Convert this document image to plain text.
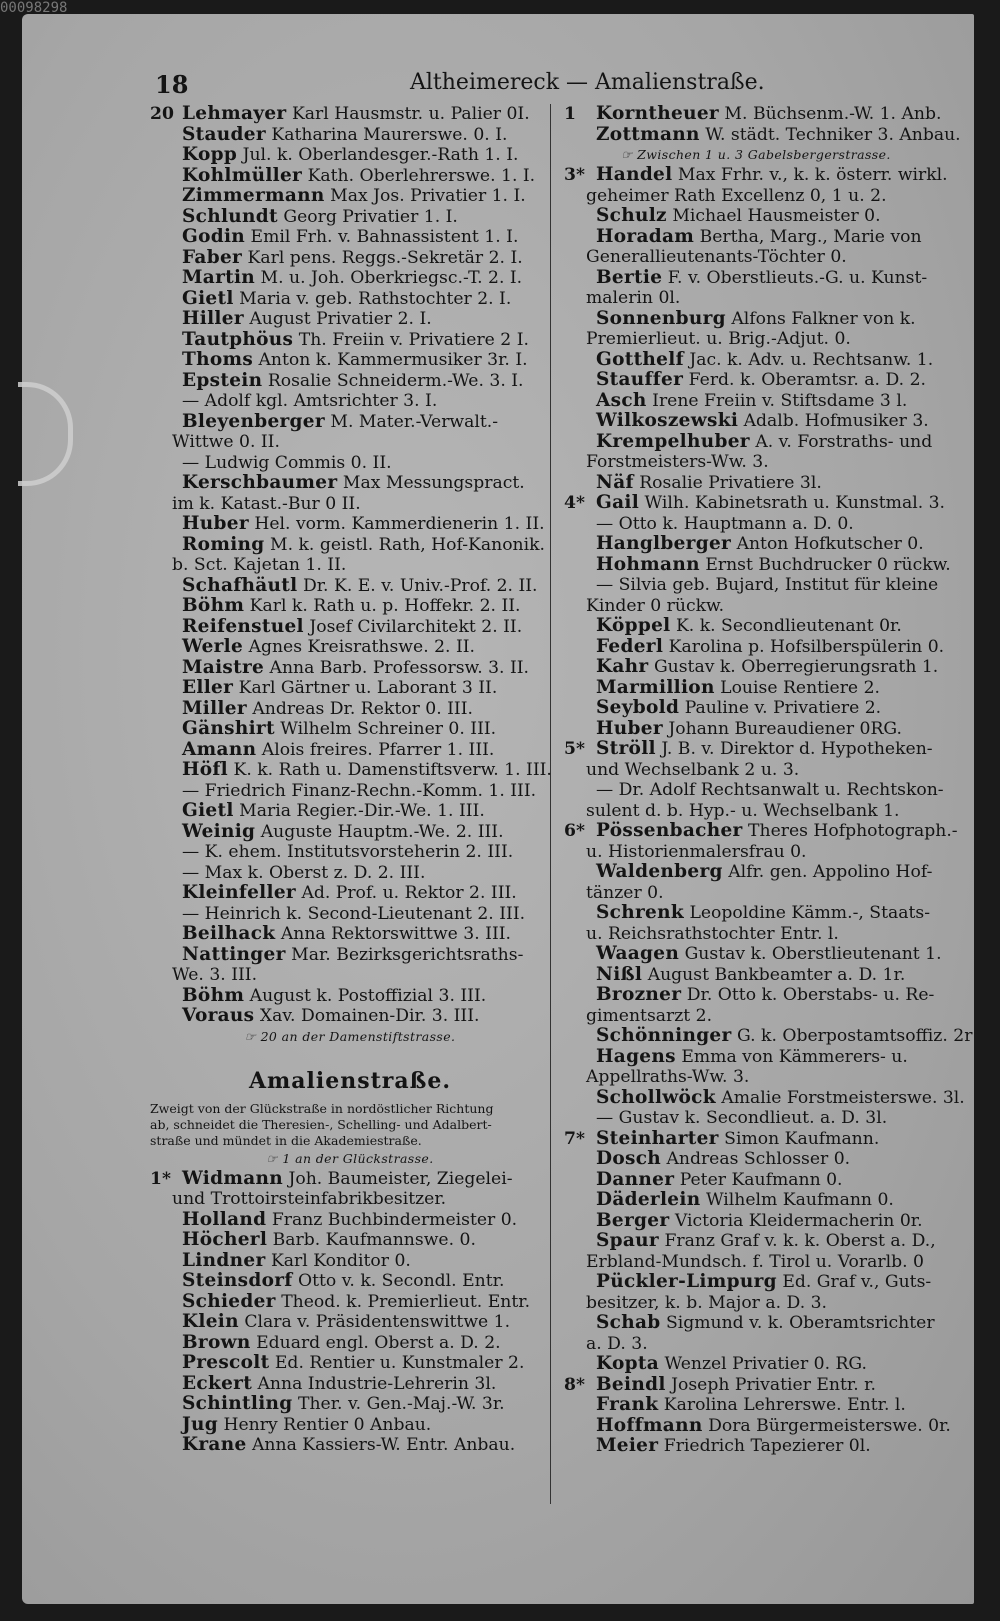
00098298
18	Altheimereck — Amalienstraße.
20 Lehmayer Karl Hausmstr. u. Palier 0I.
Stauder Katharina Maurerswe. 0. I.
Kopp Jul. k. Oberlandesger.-Rath 1. I.
Kohlmüller Kath. Oberlehrerswe. 1. I.
Zimmermann Max Jos. Privatier 1. I.
Schlundt Georg Privatier 1. I.
Godin Emil Frh. v. Bahnassistent 1. I.
Faber Karl pens. Reggs.-Sekretär 2. I.
Martin M. u. Joh. Oberkriegsc.-T. 2. I.
Gietl Maria v. geb. Rathstochter 2. I.
Hiller August Privatier 2. I.
Tautphöus Th. Freiin v. Privatiere 2 I.
Thoms Anton k. Kammermusiker 3r. I.
Epstein Rosalie Schneiderm.-We. 3. I.
— Adolf kgl. Amtsrichter 3. I.
Bleyenberger M. Mater.-Verwalt.-
Wittwe 0. II.
— Ludwig Commis 0. II.
Kerschbaumer Max Messungspract.
im k. Katast.-Bur 0 II.
Huber Hel. vorm. Kammerdienerin 1. II.
Roming M. k. geistl. Rath, Hof-Kanonik.
b. Sct. Kajetan 1. II.
Schafhäutl Dr. K. E. v. Univ.-Prof. 2. II.
Böhm Karl k. Rath u. p. Hoffekr. 2. II.
Reifenstuel Josef Civilarchitekt 2. II.
Werle Agnes Kreisrathswe. 2. II.
Maistre Anna Barb. Professorsw. 3. II.
Eller Karl Gärtner u. Laborant 3 II.
Miller Andreas Dr. Rektor 0. III.
Gänshirt Wilhelm Schreiner 0. III.
Amann Alois freires. Pfarrer 1. III.
Höfl K. k. Rath u. Damenstiftsverw. 1. III.
— Friedrich Finanz-Rechn.-Komm. 1. III.
Gietl Maria Regier.-Dir.-We. 1. III.
Weinig Auguste Hauptm.-We. 2. III.
— K. ehem. Institutsvorsteherin 2. III.
— Max k. Oberst z. D. 2. III.
Kleinfeller Ad. Prof. u. Rektor 2. III.
— Heinrich k. Second-Lieutenant 2. III.
Beilhack Anna Rektorswittwe 3. III.
Nattinger Mar. Bezirksgerichtsraths-
We. 3. III.
Böhm August k. Postoffizial 3. III.
Voraus Xav. Domainen-Dir. 3. III.
☞ 20 an der Damenstiftstrasse.
Amalienstraße.
Zweigt von der Glückstraße in nordöstlicher Richtung
ab, schneidet die Theresien-, Schelling- und Adalbert-
straße und mündet in die Akademiestraße.
☞ 1 an der Glückstrasse.
1* Widmann Joh. Baumeister, Ziegelei-
und Trottoirsteinfabrikbesitzer.
Holland Franz Buchbindermeister 0.
Höcherl Barb. Kaufmannswe. 0.
Lindner Karl Konditor 0.
Steinsdorf Otto v. k. Secondl. Entr.
Schieder Theod. k. Premierlieut. Entr.
Klein Clara v. Präsidentenswittwe 1.
Brown Eduard engl. Oberst a. D. 2.
Prescolt Ed. Rentier u. Kunstmaler 2.
Eckert Anna Industrie-Lehrerin 3l.
Schintling Ther. v. Gen.-Maj.-W. 3r.
Jug Henry Rentier 0 Anbau.
Krane Anna Kassiers-W. Entr. Anbau.
1 Korntheuer M. Büchsenm.-W. 1. Anb.
Zottmann W. städt. Techniker 3. Anbau.
☞ Zwischen 1 u. 3 Gabelsbergerstrasse.
3* Handel Max Frhr. v., k. k. österr. wirkl.
geheimer Rath Excellenz 0, 1 u. 2.
Schulz Michael Hausmeister 0.
Horadam Bertha, Marg., Marie von
Generallieutenants-Töchter 0.
Bertie F. v. Oberstlieuts.-G. u. Kunst-
malerin 0l.
Sonnenburg Alfons Falkner von k.
Premierlieut. u. Brig.-Adjut. 0.
Gotthelf Jac. k. Adv. u. Rechtsanw. 1.
Stauffer Ferd. k. Oberamtsr. a. D. 2.
Asch Irene Freiin v. Stiftsdame 3 l.
Wilkoszewski Adalb. Hofmusiker 3.
Krempelhuber A. v. Forstraths- und
Forstmeisters-Ww. 3.
Näf Rosalie Privatiere 3l.
4* Gail Wilh. Kabinetsrath u. Kunstmal. 3.
— Otto k. Hauptmann a. D. 0.
Hanglberger Anton Hofkutscher 0.
Hohmann Ernst Buchdrucker 0 rückw.
— Silvia geb. Bujard, Institut für kleine
Kinder 0 rückw.
Köppel K. k. Secondlieutenant 0r.
Federl Karolina p. Hofsilberspülerin 0.
Kahr Gustav k. Oberregierungsrath 1.
Marmillion Louise Rentiere 2.
Seybold Pauline v. Privatiere 2.
Huber Johann Bureaudiener 0RG.
5* Ströll J. B. v. Direktor d. Hypotheken-
und Wechselbank 2 u. 3.
— Dr. Adolf Rechtsanwalt u. Rechtskon-
sulent d. b. Hyp.- u. Wechselbank 1.
6* Pössenbacher Theres Hofphotograph.-
u. Historienmalersfrau 0.
Waldenberg Alfr. gen. Appolino Hof-
tänzer 0.
Schrenk Leopoldine Kämm.-, Staats-
u. Reichsrathstochter Entr. l.
Waagen Gustav k. Oberstlieutenant 1.
Nißl August Bankbeamter a. D. 1r.
Brozner Dr. Otto k. Oberstabs- u. Re-
gimentsarzt 2.
Schönninger G. k. Oberpostamtsoffiz. 2r
Hagens Emma von Kämmerers- u.
Appellraths-Ww. 3.
Schollwöck Amalie Forstmeisterswe. 3l.
— Gustav k. Secondlieut. a. D. 3l.
7* Steinharter Simon Kaufmann.
Dosch Andreas Schlosser 0.
Danner Peter Kaufmann 0.
Däderlein Wilhelm Kaufmann 0.
Berger Victoria Kleidermacherin 0r.
Spaur Franz Graf v. k. k. Oberst a. D.,
Erbland-Mundsch. f. Tirol u. Vorarlb. 0
Pückler-Limpurg Ed. Graf v., Guts-
besitzer, k. b. Major a. D. 3.
Schab Sigmund v. k. Oberamtsrichter
a. D. 3.
Kopta Wenzel Privatier 0. RG.
8* Beindl Joseph Privatier Entr. r.
Frank Karolina Lehrerswe. Entr. l.
Hoffmann Dora Bürgermeisterswe. 0r.
Meier Friedrich Tapezierer 0l.
